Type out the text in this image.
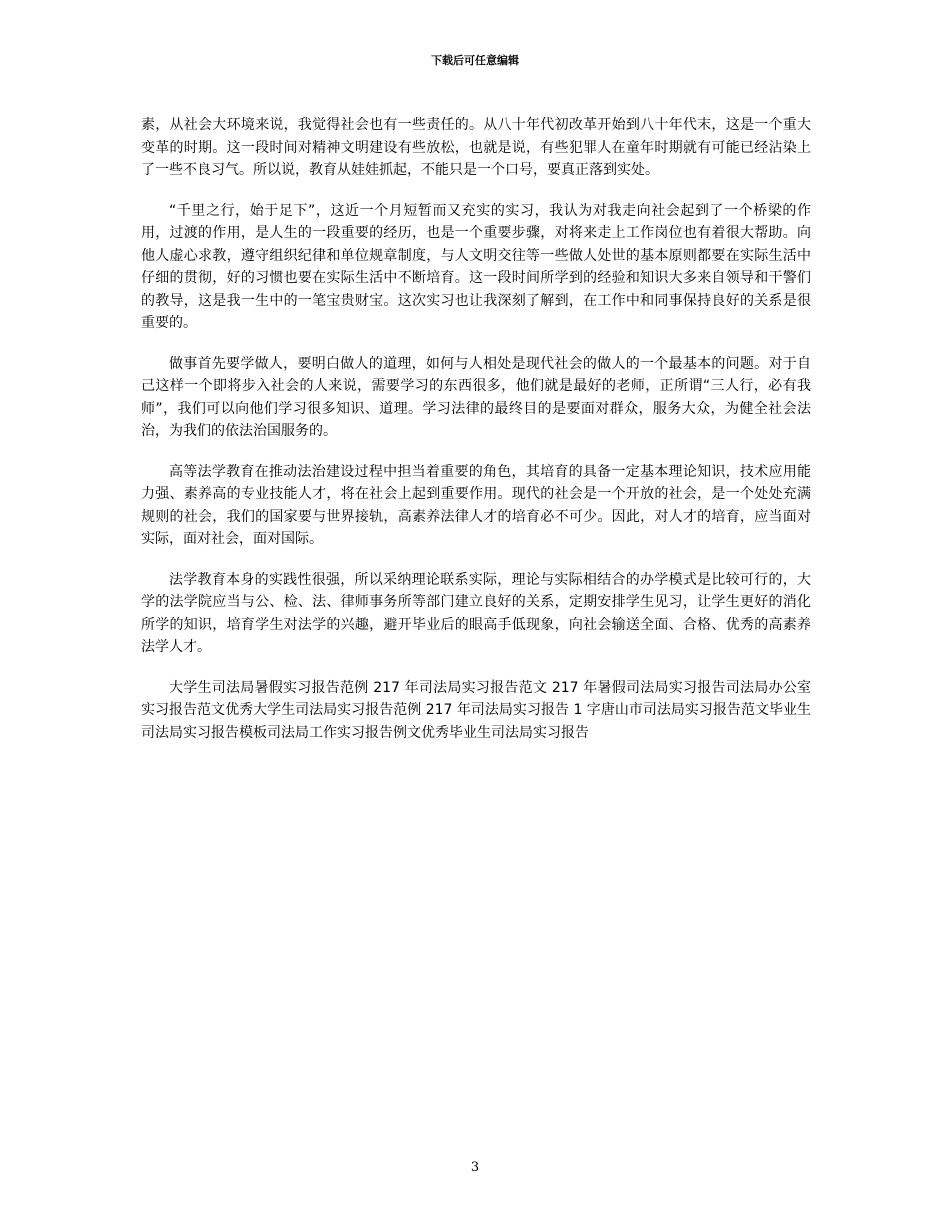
下载后可任意编辑

素，从社会大环境来说，我觉得社会也有一些责任的。从八十年代初改革开始到八十年代末，这是一个重大变革的时期。这一段时间对精神文明建设有些放松，也就是说，有些犯罪人在童年时期就有可能已经沾染上了一些不良习气。所以说，教育从娃娃抓起，不能只是一个口号，要真正落到实处。

“千里之行，始于足下”，这近一个月短暂而又充实的实习，我认为对我走向社会起到了一个桥梁的作用，过渡的作用，是人生的一段重要的经历，也是一个重要步骤，对将来走上工作岗位也有着很大帮助。向他人虚心求教，遵守组织纪律和单位规章制度，与人文明交往等一些做人处世的基本原则都要在实际生活中仔细的贯彻，好的习惯也要在实际生活中不断培育。这一段时间所学到的经验和知识大多来自领导和干警们的教导，这是我一生中的一笔宝贵财宝。这次实习也让我深刻了解到，在工作中和同事保持良好的关系是很重要的。

做事首先要学做人，要明白做人的道理，如何与人相处是现代社会的做人的一个最基本的问题。对于自己这样一个即将步入社会的人来说，需要学习的东西很多，他们就是最好的老师，正所谓“三人行，必有我师”，我们可以向他们学习很多知识、道理。学习法律的最终目的是要面对群众，服务大众，为健全社会法治，为我们的依法治国服务的。

高等法学教育在推动法治建设过程中担当着重要的角色，其培育的具备一定基本理论知识，技术应用能力强、素养高的专业技能人才，将在社会上起到重要作用。现代的社会是一个开放的社会，是一个处处充满规则的社会，我们的国家要与世界接轨，高素养法律人才的培育必不可少。因此，对人才的培育，应当面对实际，面对社会，面对国际。

法学教育本身的实践性很强，所以采纳理论联系实际，理论与实际相结合的办学模式是比较可行的，大学的法学院应当与公、检、法、律师事务所等部门建立良好的关系，定期安排学生见习，让学生更好的消化所学的知识，培育学生对法学的兴趣，避开毕业后的眼高手低现象，向社会输送全面、合格、优秀的高素养法学人才。

大学生司法局暑假实习报告范例 217 年司法局实习报告范文 217 年暑假司法局实习报告司法局办公室实习报告范文优秀大学生司法局实习报告范例 217 年司法局实习报告 1 字唐山市司法局实习报告范文毕业生司法局实习报告模板司法局工作实习报告例文优秀毕业生司法局实习报告

3
